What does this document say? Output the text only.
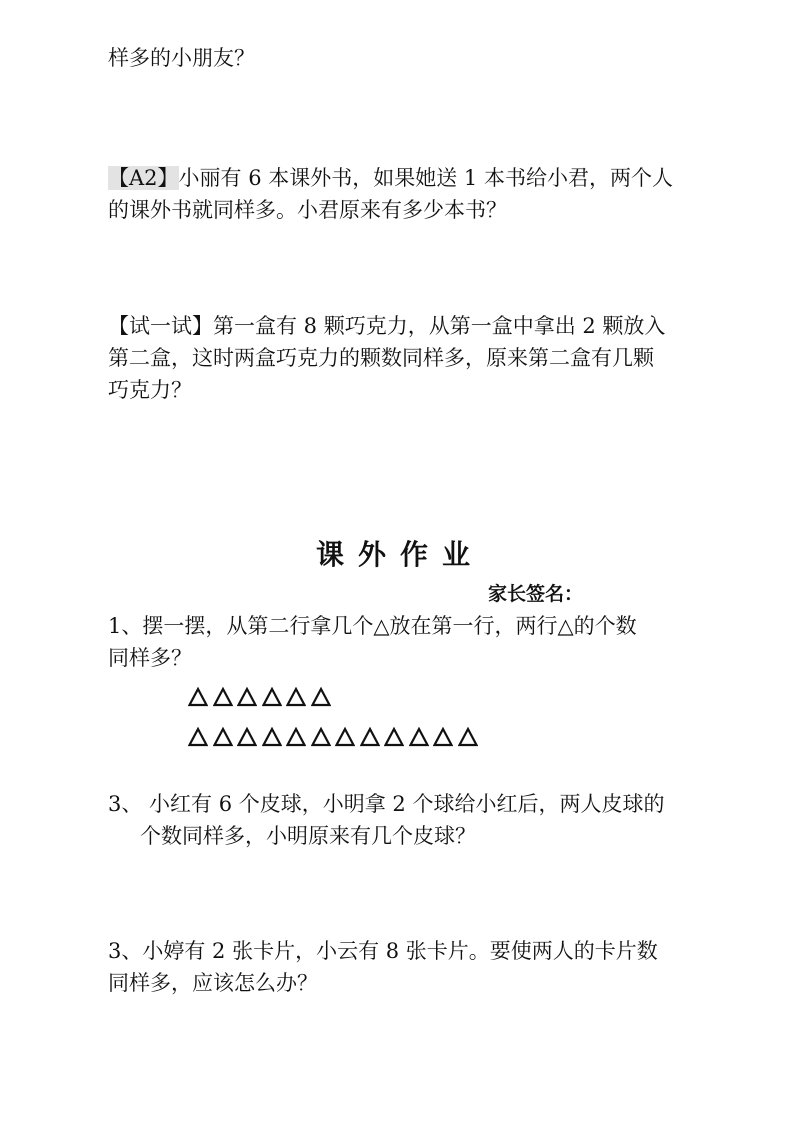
样多的小朋友？

【A2】小丽有 6 本课外书，如果她送 1 本书给小君，两个人

的课外书就同样多。小君原来有多少本书？

【试一试】第一盒有 8 颗巧克力，从第一盒中拿出 2 颗放入

第二盒，这时两盒巧克力的颗数同样多，原来第二盒有几颗

巧克力？

课外作业

家长签名：

1、摆一摆，从第二行拿几个△放在第一行，两行△的个数

同样多？

3、 小红有 6 个皮球，小明拿 2 个球给小红后，两人皮球的

个数同样多，小明原来有几个皮球？

3、小婷有 2 张卡片，小云有 8 张卡片。要使两人的卡片数

同样多，应该怎么办？
